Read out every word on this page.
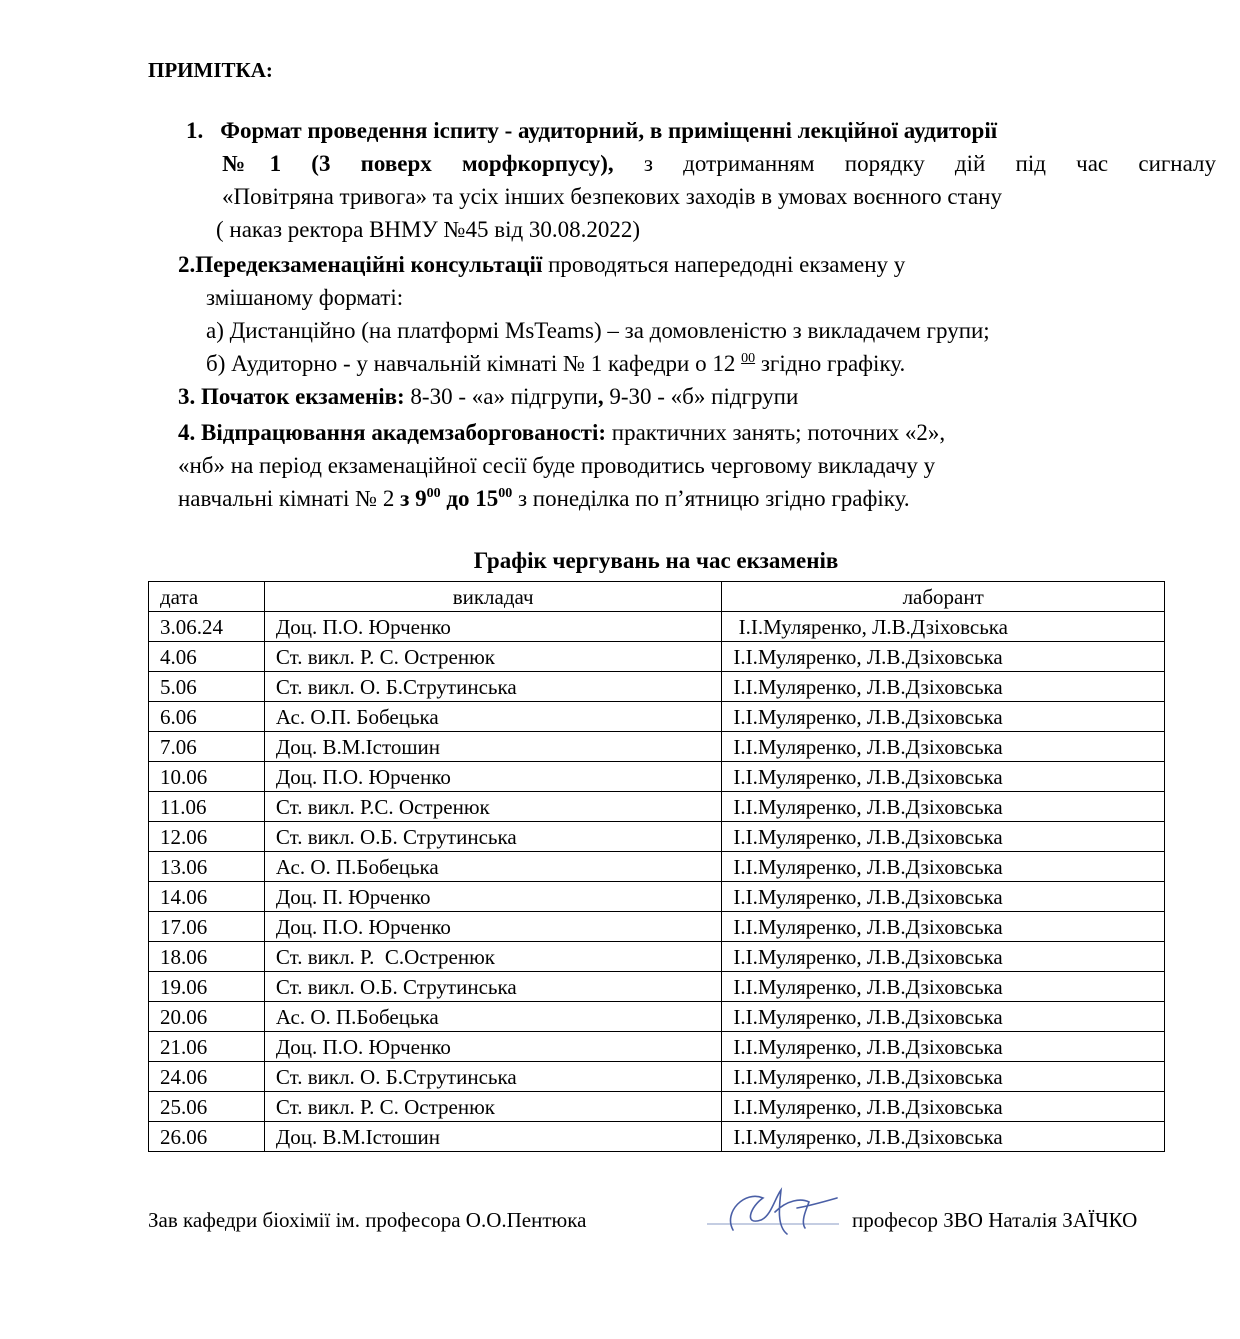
ПРИМІТКА:
1. Формат проведення іспиту - аудиторний, в приміщенні лекційної аудиторії
№1 (3 поверх морфкорпусу), з дотриманням порядку дій під час сигналу
«Повітряна тривога» та усіх інших безпекових заходів в умовах воєнного стану
( наказ ректора ВНМУ №45 від 30.08.2022)
2.Передекзаменаційні консультації проводяться напередодні екзамену у
змішаному форматі:
а) Дистанційно (на платформі MsTeams) – за домовленістю з викладачем групи;
б) Аудиторно - у навчальній кімнаті № 1 кафедри о 12 $^{00}$ згідно графіку.
3. Початок екзаменів: 8-30 - «а» підгрупи, 9-30 - «б» підгрупи
4. Відпрацювання академзаборгованості: практичних занять; поточних «2»,
«нб» на період екзаменаційної сесії буде проводитись черговому викладачу у
навчальні кімнаті № 2 з $9^{00}$ до $15^{00}$ з понеділка по п’ятницю згідно графіку.
Графік чергувань на час екзаменів
дата	викладач	лаборант
3.06.24	Доц. П.О. Юрченко	І.І.Муляренко, Л.В.Дзіховська
4.06	Ст. викл. Р. С. Остренюк	І.І.Муляренко, Л.В.Дзіховська
5.06	Ст. викл. О. Б.Струтинська	І.І.Муляренко, Л.В.Дзіховська
6.06	Ас. О.П. Бобецька	І.І.Муляренко, Л.В.Дзіховська
7.06	Доц. В.М.Істошин	І.І.Муляренко, Л.В.Дзіховська
10.06	Доц. П.О. Юрченко	І.І.Муляренко, Л.В.Дзіховська
11.06	Ст. викл. Р.С. Остренюк	І.І.Муляренко, Л.В.Дзіховська
12.06	Ст. викл. О.Б. Струтинська	І.І.Муляренко, Л.В.Дзіховська
13.06	Ас. О. П.Бобецька	І.І.Муляренко, Л.В.Дзіховська
14.06	Доц. П. Юрченко	І.І.Муляренко, Л.В.Дзіховська
17.06	Доц. П.О. Юрченко	І.І.Муляренко, Л.В.Дзіховська
18.06	Ст. викл. Р.  С.Остренюк	І.І.Муляренко, Л.В.Дзіховська
19.06	Ст. викл. О.Б. Струтинська	І.І.Муляренко, Л.В.Дзіховська
20.06	Ас. О. П.Бобецька	І.І.Муляренко, Л.В.Дзіховська
21.06	Доц. П.О. Юрченко	І.І.Муляренко, Л.В.Дзіховська
24.06	Ст. викл. О. Б.Струтинська	І.І.Муляренко, Л.В.Дзіховська
25.06	Ст. викл. Р. С. Остренюк	І.І.Муляренко, Л.В.Дзіховська
26.06	Доц. В.М.Істошин	І.І.Муляренко, Л.В.Дзіховська
Зав кафедри біохімії ім. професора О.О.Пентюка	професор ЗВО Наталія ЗАЇЧКО
